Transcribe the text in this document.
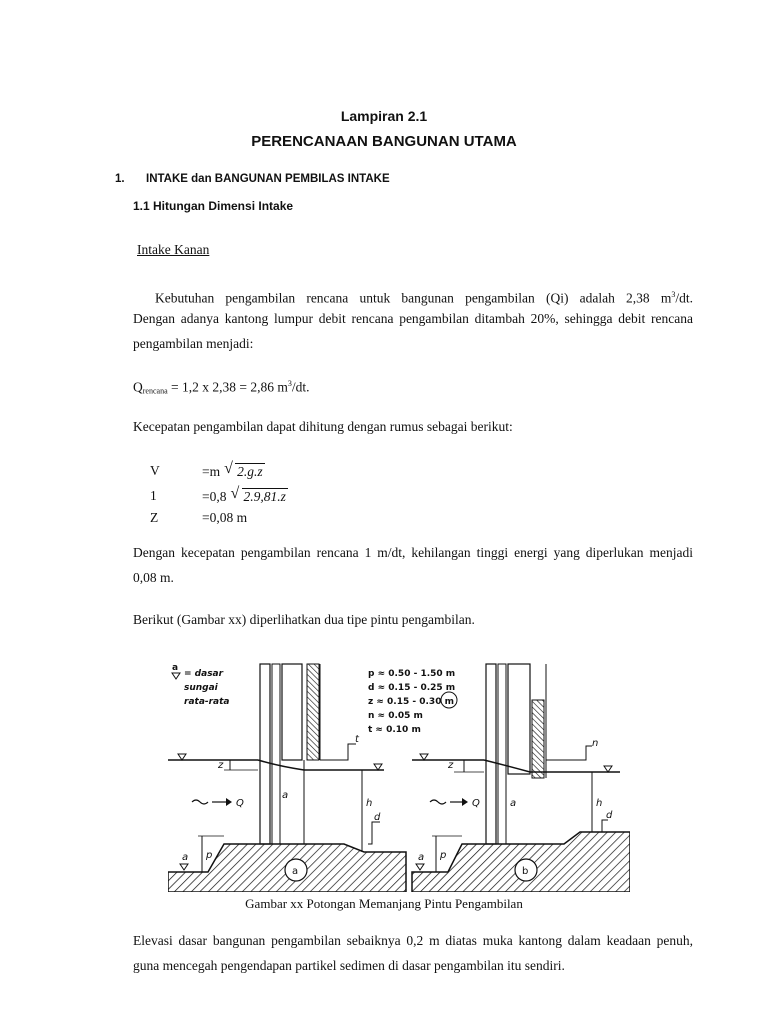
Lampiran 2.1
PERENCANAAN BANGUNAN UTAMA
1. INTAKE dan BANGUNAN PEMBILAS INTAKE
1.1 Hitungan Dimensi Intake
Intake Kanan
Kebutuhan pengambilan rencana untuk bangunan pengambilan (Qi) adalah 2,38 $m^3/dt$.
Dengan adanya kantong lumpur debit rencana pengambilan ditambah 20%, sehingga debit rencana
pengambilan menjadi:
$Q_{rencana} = 1,2$ x 2,38 = 2,86 $m^3/dt$.
Kecepatan pengambilan dapat dihitung dengan rumus sebagai berikut:
V	=m √ 2.g.z
1	=0,8 √ 2.9,81.z
Z	=0,08 m
Dengan kecepatan pengambilan rencana 1 m/dt, kehilangan tinggi energi yang diperlukan menjadi
0,08 m.
Berikut (Gambar xx) diperlihatkan dua tipe pintu pengambilan.
a
= dasar
sungai
rata-rata
p ≈ 0.50 - 1.50 m
d ≈ 0.15 - 0.25 m
z ≈ 0.15 - 0.30 m
n ≈ 0.05 m
t ≈ 0.10 m
z
t
Q
a
h
d
p
a
a
z
n
Q	a	h
d
p
a
b
Gambar xx Potongan Memanjang Pintu Pengambilan
Elevasi dasar bangunan pengambilan sebaiknya 0,2 m diatas muka kantong dalam keadaan penuh,
guna mencegah pengendapan partikel sedimen di dasar pengambilan itu sendiri.
